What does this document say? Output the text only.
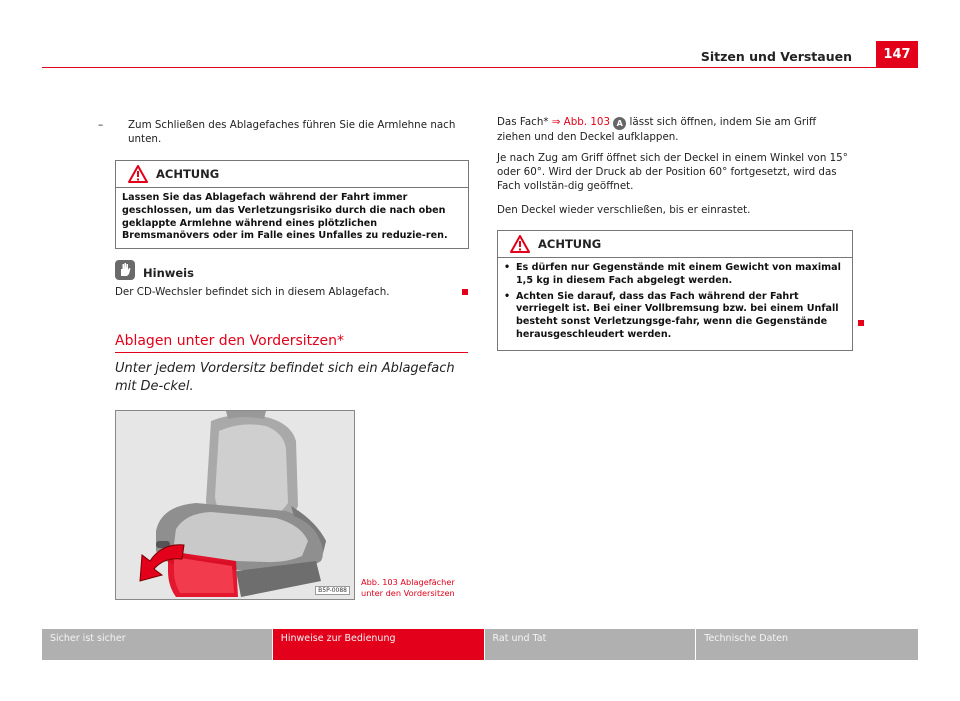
Sitzen und Verstauen	147
–	Zum Schließen des Ablagefaches führen Sie die Armlehne nach unten.
ACHTUNG
Lassen Sie das Ablagefach während der Fahrt immer geschlossen, um das Verletzungsrisiko durch die nach oben geklappte Armlehne während eines plötzlichen Bremsmanövers oder im Falle eines Unfalles zu reduzie-ren.
Hinweis
Der CD-Wechsler befindet sich in diesem Ablagefach.
Ablagen unter den Vordersitzen*
Unter jedem Vordersitz befindet sich ein Ablagefach mit De-ckel.
B5P-0088
Abb. 103 Ablagefächer unter den Vordersitzen
Das Fach* ⇒ Abb. 103 A lässt sich öffnen, indem Sie am Griff ziehen und den Deckel aufklappen.
Je nach Zug am Griff öffnet sich der Deckel in einem Winkel von 15° oder 60°. Wird der Druck ab der Position 60° fortgesetzt, wird das Fach vollstän-dig geöffnet.
Den Deckel wieder verschließen, bis er einrastet.
ACHTUNG
• Es dürfen nur Gegenstände mit einem Gewicht von maximal 1,5 kg in diesem Fach abgelegt werden.
• Achten Sie darauf, dass das Fach während der Fahrt verriegelt ist. Bei einer Vollbremsung bzw. bei einem Unfall besteht sonst Verletzungsge-fahr, wenn die Gegenstände herausgeschleudert werden.
Sicher ist sicher	Hinweise zur Bedienung	Rat und Tat	Technische Daten
